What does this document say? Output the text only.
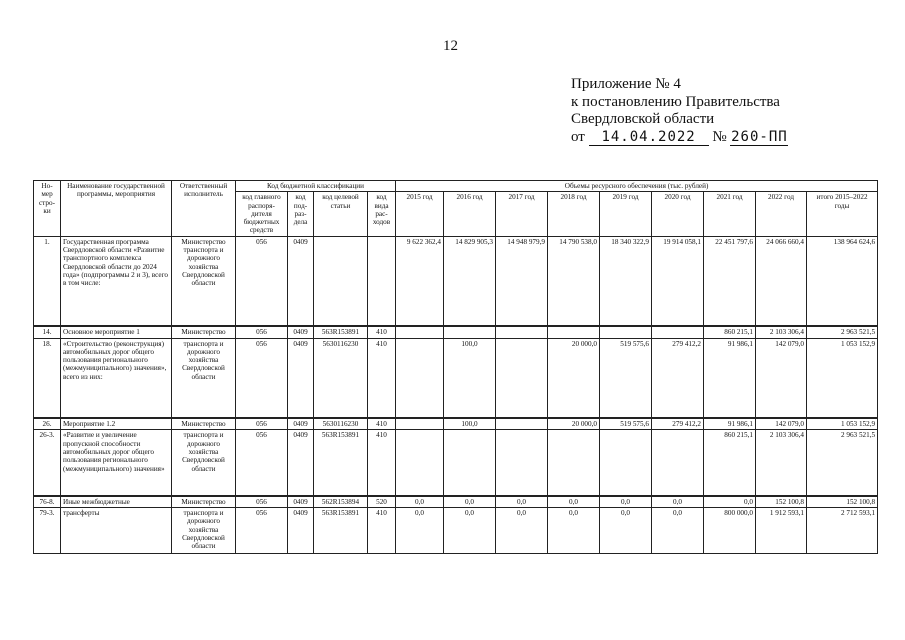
12
Приложение № 4
к постановлению Правительства
Свердловской области
от 14.04.2022 № 260-ПП
Но-мер стро-ки	Наименование государственной программы, мероприятия	Ответственный исполнитель	Код бюджетной классификации				Объемы ресурсного обеспечения (тыс. рублей)								
			код главного распоря-дителя бюджетных средств	код под-раз-дела	код целевой статьи	код вида рас-ходов	2015 год	2016 год	2017 год	2018 год	2019 год	2020 год	2021 год	2022 год	итого 2015–2022 годы
1.	Государственная программа Свердловской области «Развитие транспортного комплекса Свердловской области до 2024 года» (подпрограммы 2 и 3), всего в том числе:	Министерство транспорта и дорожного хозяйства Свердловской области	056	0409			9 622 362,4	14 829 905,3	14 948 979,9	14 790 538,0	18 340 322,9	19 914 058,1	22 451 797,6	24 066 660,4	138 964 624,6
14.	Основное мероприятие 1	Министерство	056	0409	563R153891	410							860 215,1	2 103 306,4	2 963 521,5
18.	«Строительство (реконструкция) автомобильных дорог общего пользования регионального (межмуниципального) значения», всего из них:	транспорта и дорожного хозяйства Свердловской области	056	0409	5630116230	410		100,0		20 000,0	519 575,6	279 412,2	91 986,1	142 079,0	1 053 152,9
26.	Мероприятие 1.2	Министерство	056	0409	5630116230	410		100,0		20 000,0	519 575,6	279 412,2	91 986,1	142 079,0	1 053 152,9
26-3.	«Развитие и увеличение пропускной способности автомобильных дорог общего пользования регионального (межмуниципального) значения»	транспорта и дорожного хозяйства Свердловской области	056	0409	563R153891	410							860 215,1	2 103 306,4	2 963 521,5
76-8.	Иные межбюджетные	Министерство	056	0409	562R153894	520	0,0	0,0	0,0	0,0	0,0	0,0	0,0	152 100,8	152 100,8
79-3.	трансферты	транспорта и дорожного хозяйства Свердловской области	056	0409	563R153891	410	0,0	0,0	0,0	0,0	0,0	0,0	800 000,0	1 912 593,1	2 712 593,1
